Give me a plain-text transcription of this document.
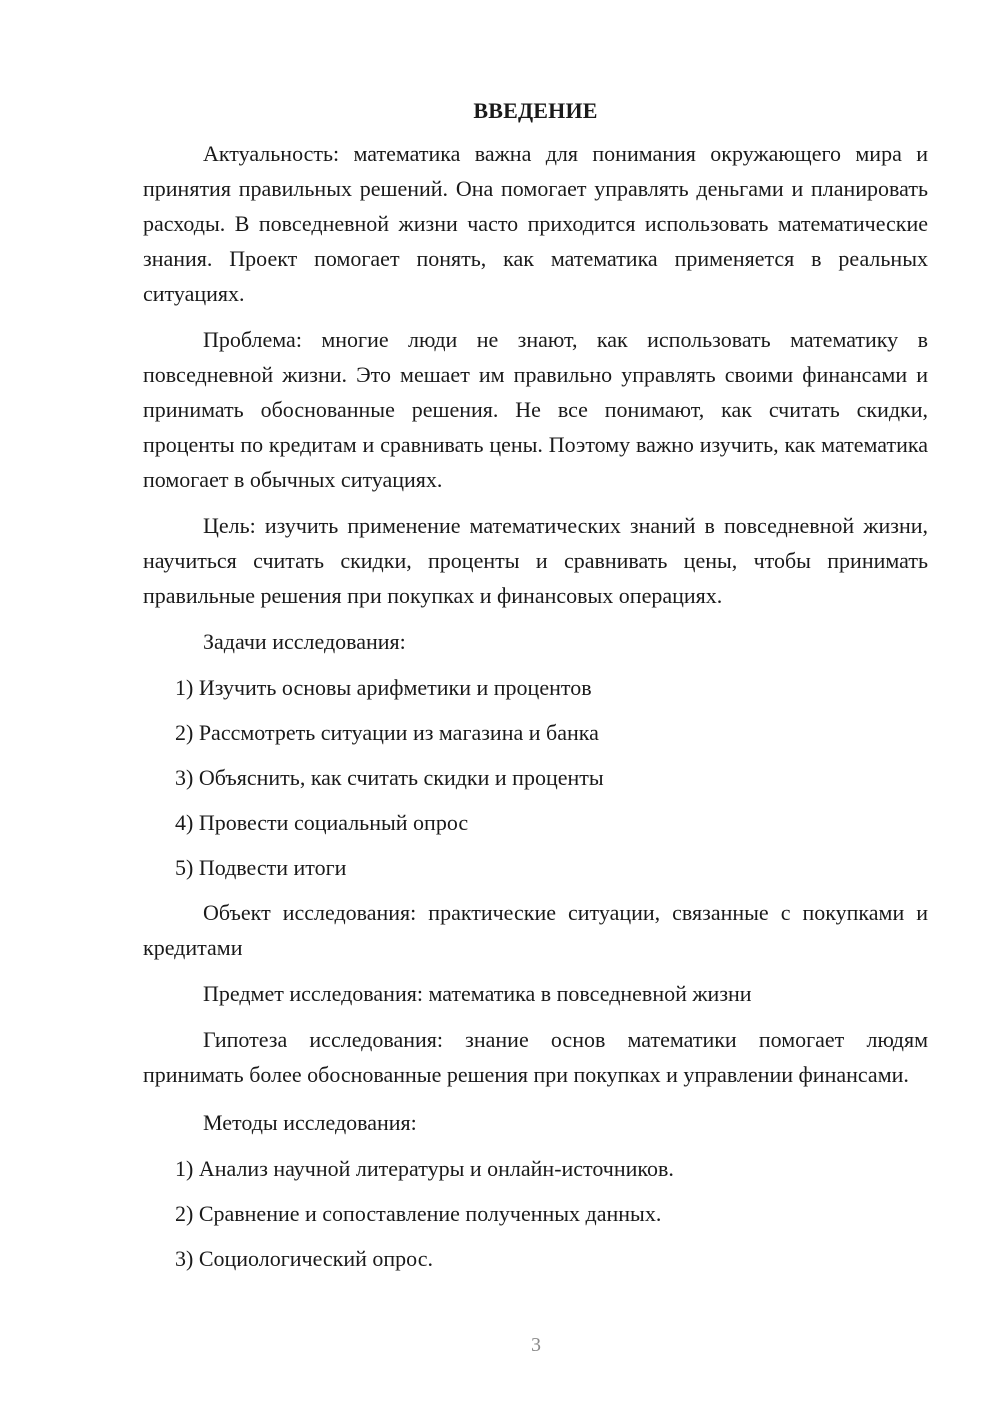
ВВЕДЕНИЕ

Актуальность: математика важна для понимания окружающего мира и принятия правильных решений. Она помогает управлять деньгами и планировать расходы. В повседневной жизни часто приходится использовать математические знания. Проект помогает понять, как математика применяется в реальных ситуациях.

Проблема: многие люди не знают, как использовать математику в повседневной жизни. Это мешает им правильно управлять своими финансами и принимать обоснованные решения. Не все понимают, как считать скидки, проценты по кредитам и сравнивать цены. Поэтому важно изучить, как математика помогает в обычных ситуациях.

Цель: изучить применение математических знаний в повседневной жизни, научиться считать скидки, проценты и сравнивать цены, чтобы принимать правильные решения при покупках и финансовых операциях.

Задачи исследования:

1) Изучить основы арифметики и процентов
2) Рассмотреть ситуации из магазина и банка
3) Объяснить, как считать скидки и проценты
4) Провести социальный опрос
5) Подвести итоги

Объект исследования: практические ситуации, связанные с покупками и кредитами

Предмет исследования: математика в повседневной жизни

Гипотеза исследования: знание основ математики помогает людям принимать более обоснованные решения при покупках и управлении финансами.

Методы исследования:

1) Анализ научной литературы и онлайн-источников.
2) Сравнение и сопоставление полученных данных.
3) Социологический опрос.
3
